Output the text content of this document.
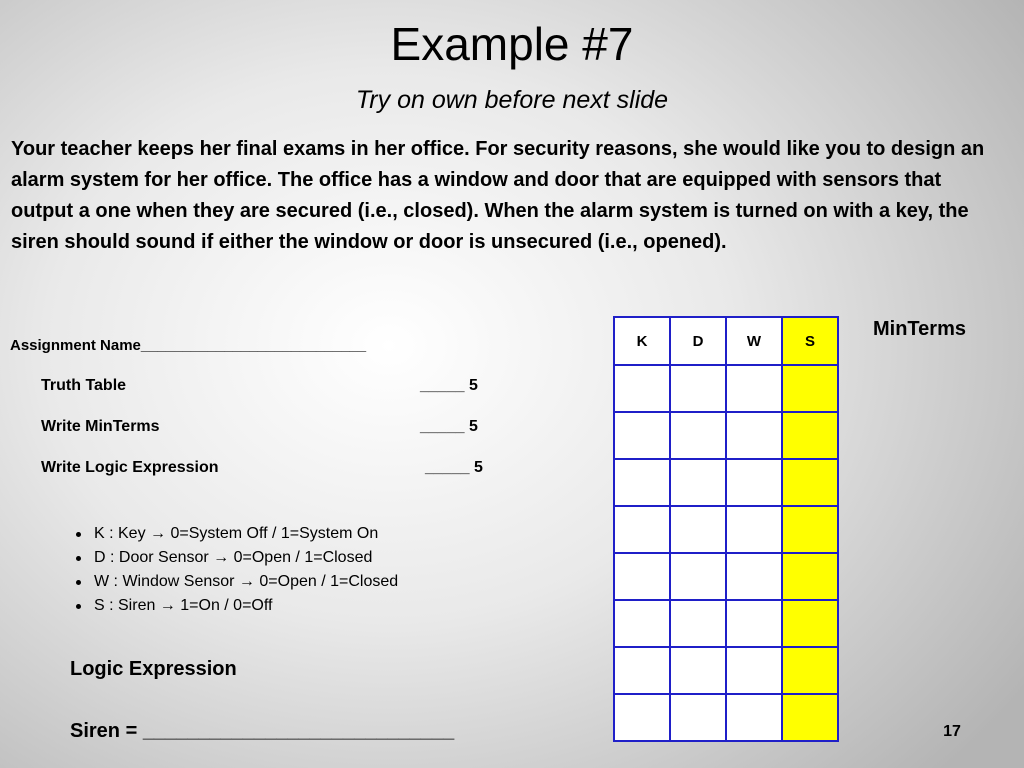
Example #7
Try on own before next slide
Your teacher keeps her final exams in her office. For security reasons, she would like you to design an alarm system for her office. The office has a window and door that are equipped with sensors that output a one when they are secured (i.e., closed). When the alarm system is turned on with a key, the siren should sound if either the window or door is unsecured (i.e., opened).
Assignment Name___________________________
Truth Table	_____ 5
Write MinTerms	_____ 5
Write Logic Expression	_____ 5
K : Key → 0=System Off / 1=System On
D : Door Sensor → 0=Open / 1=Closed
W : Window Sensor → 0=Open / 1=Closed
S : Siren → 1=On / 0=Off
Logic Expression
Siren = ____________________________
K	D	W	S

MinTerms
17
